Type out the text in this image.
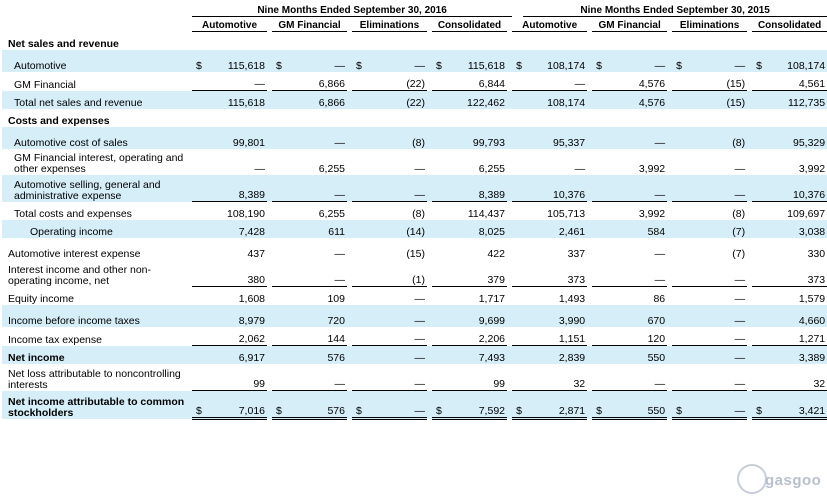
	Nine Months Ended September 30, 2016													Nine Months Ended September 30, 2015									
	Automotive			GM Financial			Eliminations			Consolidated			Automotive			GM Financial			Eliminations			Consolidated	
Net sales and revenue																							
Automotive	$	115,618		$	—		$	—		$	115,618		$	108,174		$	—		$	—		$	108,174
GM Financial		—			6,866			(22)			6,844			—			4,576			(15)			4,561
Total net sales and revenue		115,618			6,866			(22)			122,462			108,174			4,576			(15)			112,735
Costs and expenses																							
Automotive cost of sales		99,801			—			(8)			99,793			95,337			—			(8)			95,329
GM Financial interest, operating and other expenses		—			6,255			—			6,255			—			3,992			—			3,992
Automotive selling, general and administrative expense		8,389			—			—			8,389			10,376			—			—			10,376
Total costs and expenses		108,190			6,255			(8)			114,437			105,713			3,992			(8)			109,697
Operating income		7,428			611			(14)			8,025			2,461			584			(7)			3,038
Automotive interest expense		437			—			(15)			422			337			—			(7)			330
Interest income and other non-operating income, net		380			—			(1)			379			373			—			—			373
Equity income		1,608			109			—			1,717			1,493			86			—			1,579
Income before income taxes		8,979			720			—			9,699			3,990			670			—			4,660
Income tax expense		2,062			144			—			2,206			1,151			120			—			1,271
Net income		6,917			576			—			7,493			2,839			550			—			3,389
Net loss attributable to noncontrolling interests		99			—			—			99			32			—			—			32
Net income attributable to common stockholders	$	7,016		$	576		$	—		$	7,592		$	2,871		$	550		$	—		$	3,421
gasgoo
